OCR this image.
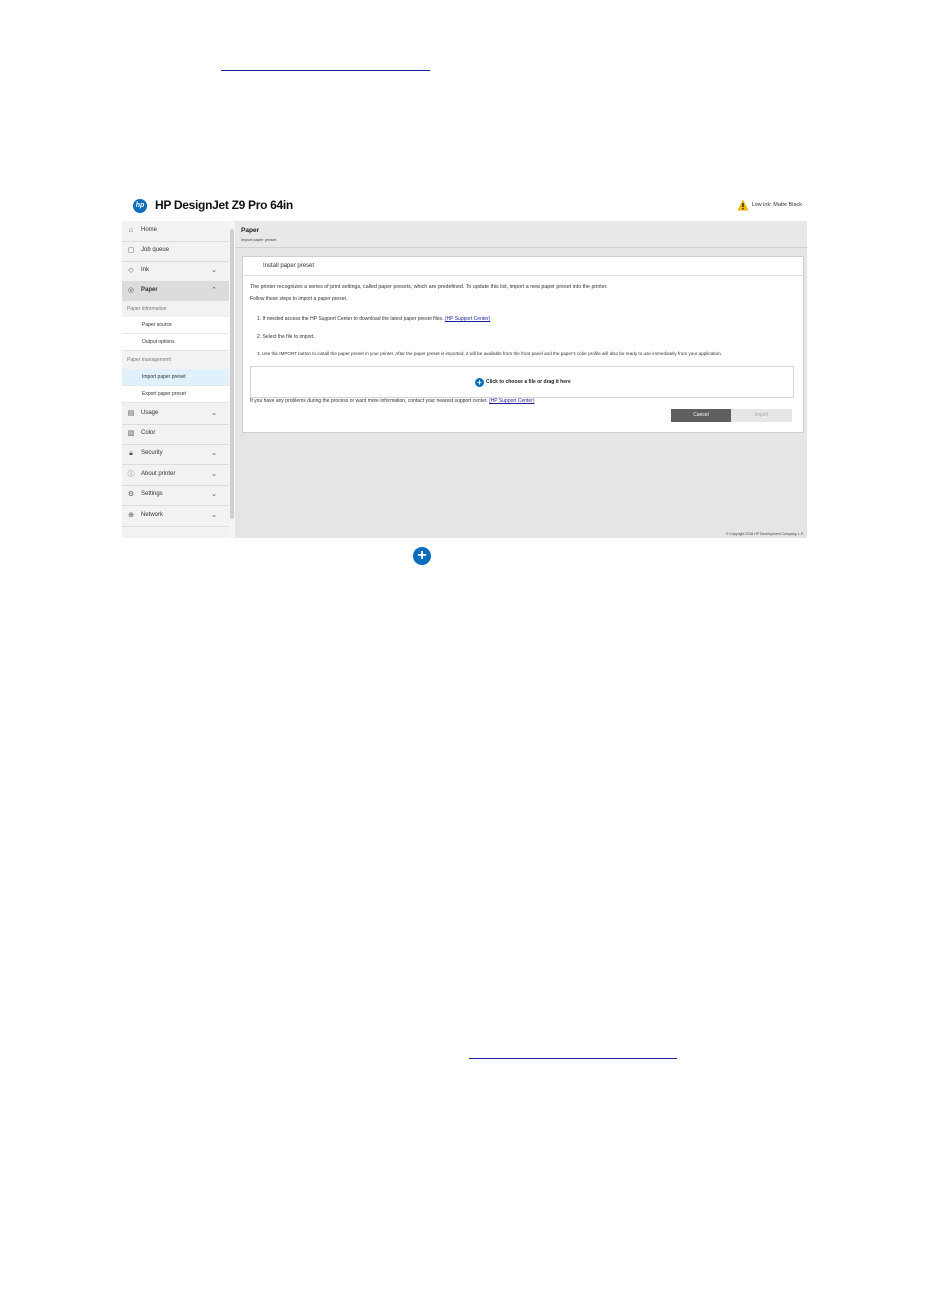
hp HP DesignJet Z9 Pro 64in	Low ink: Matte Black
⌂	Home
▢ Job queue
◇ Ink	⌄
◎ Paper	⌃
Paper information
Paper source
Output options
Paper management
Import paper preset
Export paper preset
▤ Usage	⌄
▧ Color
🔒︎	Security	⌄
ⓘ About printer	⌄
⚙ Settings	⌄
⊕ Network	⌄
Paper
Import paper preset
Install paper preset
The printer recognizes a series of print settings, called paper presets, which are predefined. To update this list, import a new paper preset into the printer.
Follow these steps to import a paper preset.
1. If needed access the HP Support Center to download the latest paper preset files. (HP Support Center)
2. Select the file to import.
3. Use the IMPORT button to install the paper preset in your printer. After the paper preset is imported, it will be available from the front panel and the paper's color profile will also be ready to use immediately from your application.
+ Click to choose a file or drag it here
If you have any problems during the process or want more information, contact your nearest support center. (HP Support Center)
Cancel	Import
© Copyright 2018 HP Development Company, L.P.
+
